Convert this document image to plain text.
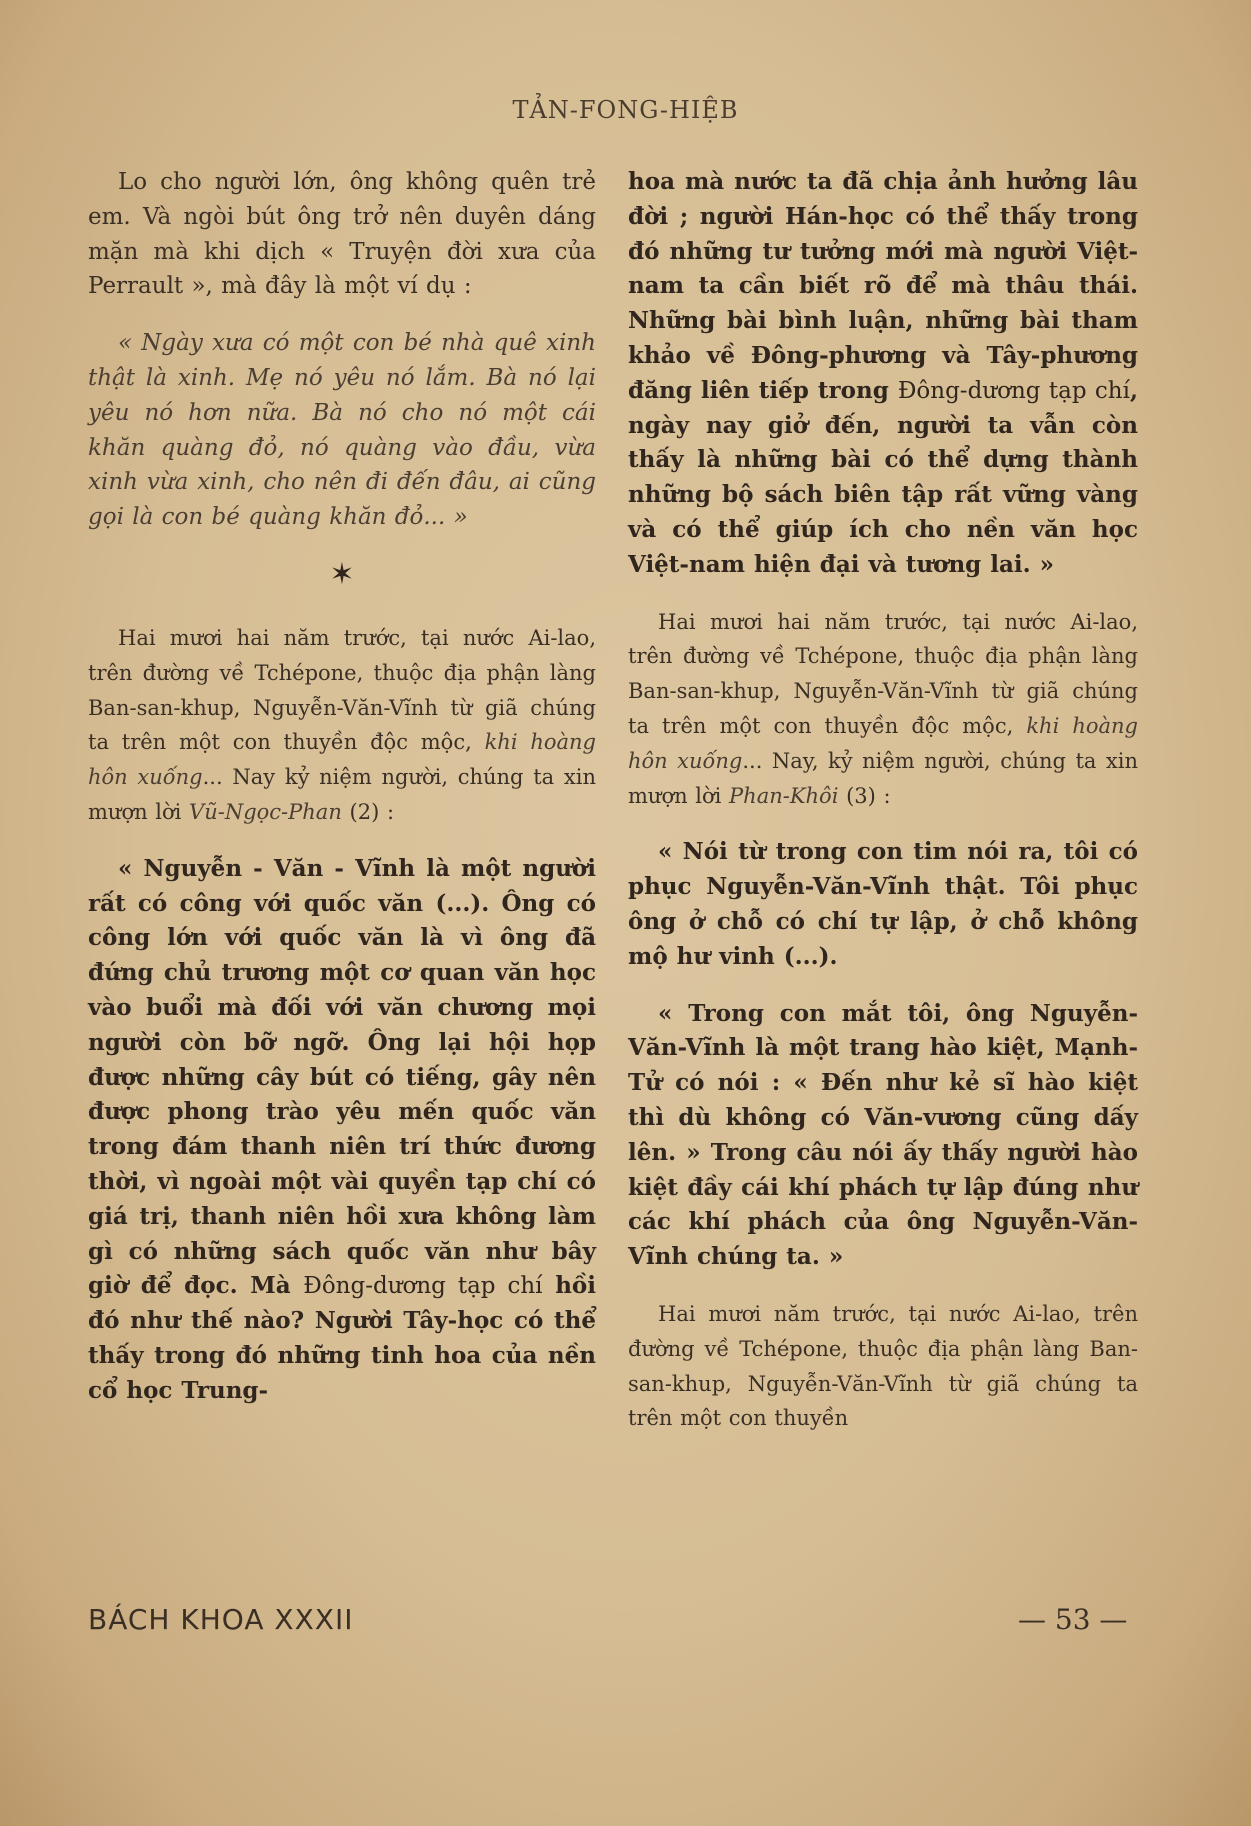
TẢN-FONG-HIỆB

Lo cho người lớn, ông không quên trẻ em. Và ngòi bút ông trở nên duyên dáng mặn mà khi dịch « Truyện đời xưa của Perrault », mà đây là một ví dụ :

« Ngày xưa có một con bé nhà quê xinh thật là xinh. Mẹ nó yêu nó lắm. Bà nó lại yêu nó hơn nữa. Bà nó cho nó một cái khăn quàng đỏ, nó quàng vào đầu, vừa xinh vừa xinh, cho nên đi đến đâu, ai cũng gọi là con bé quàng khăn đỏ... »

✶

Hai mươi hai năm trước, tại nước Ai-lao, trên đường về Tchépone, thuộc địa phận làng Ban-san-khup, Nguyễn-Văn-Vĩnh từ giã chúng ta trên một con thuyền độc mộc, khi hoàng hôn xuống... Nay kỷ niệm người, chúng ta xin mượn lời Vũ-Ngọc-Phan (2) :

« Nguyễn - Văn - Vĩnh là một người rất có công với quốc văn (...). Ông có công lớn với quốc văn là vì ông đã đứng chủ trương một cơ quan văn học vào buổi mà đối với văn chương mọi người còn bỡ ngỡ. Ông lại hội họp được những cây bút có tiếng, gây nên được phong trào yêu mến quốc văn trong đám thanh niên trí thức đương thời, vì ngoài một vài quyền tạp chí có giá trị, thanh niên hồi xưa không làm gì có những sách quốc văn như bây giờ để đọc. Mà Đông-dương tạp chí hồi đó như thế nào? Người Tây-học có thể thấy trong đó những tinh hoa của nền cổ học Trung-

hoa mà nước ta đã chịa ảnh hưởng lâu đời ; người Hán-học có thể thấy trong đó những tư tưởng mới mà người Việt-nam ta cần biết rõ để mà thâu thái. Những bài bình luận, những bài tham khảo về Đông-phương và Tây-phương đăng liên tiếp trong Đông-dương tạp chí, ngày nay giở đến, người ta vẫn còn thấy là những bài có thể dựng thành những bộ sách biên tập rất vững vàng và có thể giúp ích cho nền văn học Việt-nam hiện đại và tương lai. »

Hai mươi hai năm trước, tại nước Ai-lao, trên đường về Tchépone, thuộc địa phận làng Ban-san-khup, Nguyễn-Văn-Vĩnh từ giã chúng ta trên một con thuyền độc mộc, khi hoàng hôn xuống... Nay, kỷ niệm người, chúng ta xin mượn lời Phan-Khôi (3) :

« Nói từ trong con tim nói ra, tôi có phục Nguyễn-Văn-Vĩnh thật. Tôi phục ông ở chỗ có chí tự lập, ở chỗ không mộ hư vinh (...).

« Trong con mắt tôi, ông Nguyễn-Văn-Vĩnh là một trang hào kiệt, Mạnh-Tử có nói : « Đến như kẻ sĩ hào kiệt thì dù không có Văn-vương cũng dấy lên. » Trong câu nói ấy thấy người hào kiệt đầy cái khí phách tự lập đúng như các khí phách của ông Nguyễn-Văn-Vĩnh chúng ta. »

Hai mươi năm trước, tại nước Ai-lao, trên đường về Tchépone, thuộc địa phận làng Ban-san-khup, Nguyễn-Văn-Vĩnh từ giã chúng ta trên một con thuyền

BÁCH KHOA XXXII	— 53 —
